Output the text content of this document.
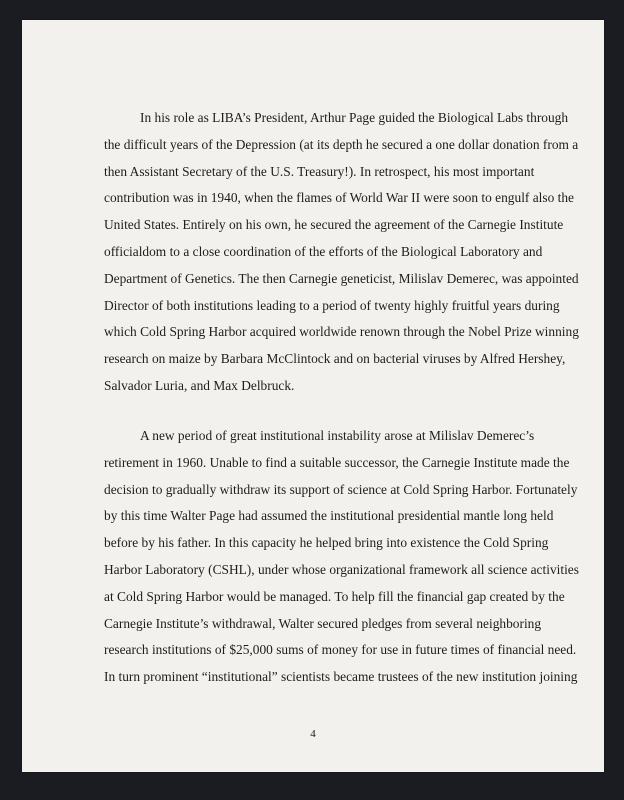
In his role as LIBA’s President, Arthur Page guided the Biological Labs through
the difficult years of the Depression (at its depth he secured a one dollar donation from a
then Assistant Secretary of the U.S. Treasury!). In retrospect, his most important
contribution was in 1940, when the flames of World War II were soon to engulf also the
United States. Entirely on his own, he secured the agreement of the Carnegie Institute
officialdom to a close coordination of the efforts of the Biological Laboratory and
Department of Genetics. The then Carnegie geneticist, Milislav Demerec, was appointed
Director of both institutions leading to a period of twenty highly fruitful years during
which Cold Spring Harbor acquired worldwide renown through the Nobel Prize winning
research on maize by Barbara McClintock and on bacterial viruses by Alfred Hershey,
Salvador Luria, and Max Delbruck.
A new period of great institutional instability arose at Milislav Demerec’s
retirement in 1960. Unable to find a suitable successor, the Carnegie Institute made the
decision to gradually withdraw its support of science at Cold Spring Harbor. Fortunately
by this time Walter Page had assumed the institutional presidential mantle long held
before by his father. In this capacity he helped bring into existence the Cold Spring
Harbor Laboratory (CSHL), under whose organizational framework all science activities
at Cold Spring Harbor would be managed. To help fill the financial gap created by the
Carnegie Institute’s withdrawal, Walter secured pledges from several neighboring
research institutions of $25,000 sums of money for use in future times of financial need.
In turn prominent “institutional” scientists became trustees of the new institution joining
4
